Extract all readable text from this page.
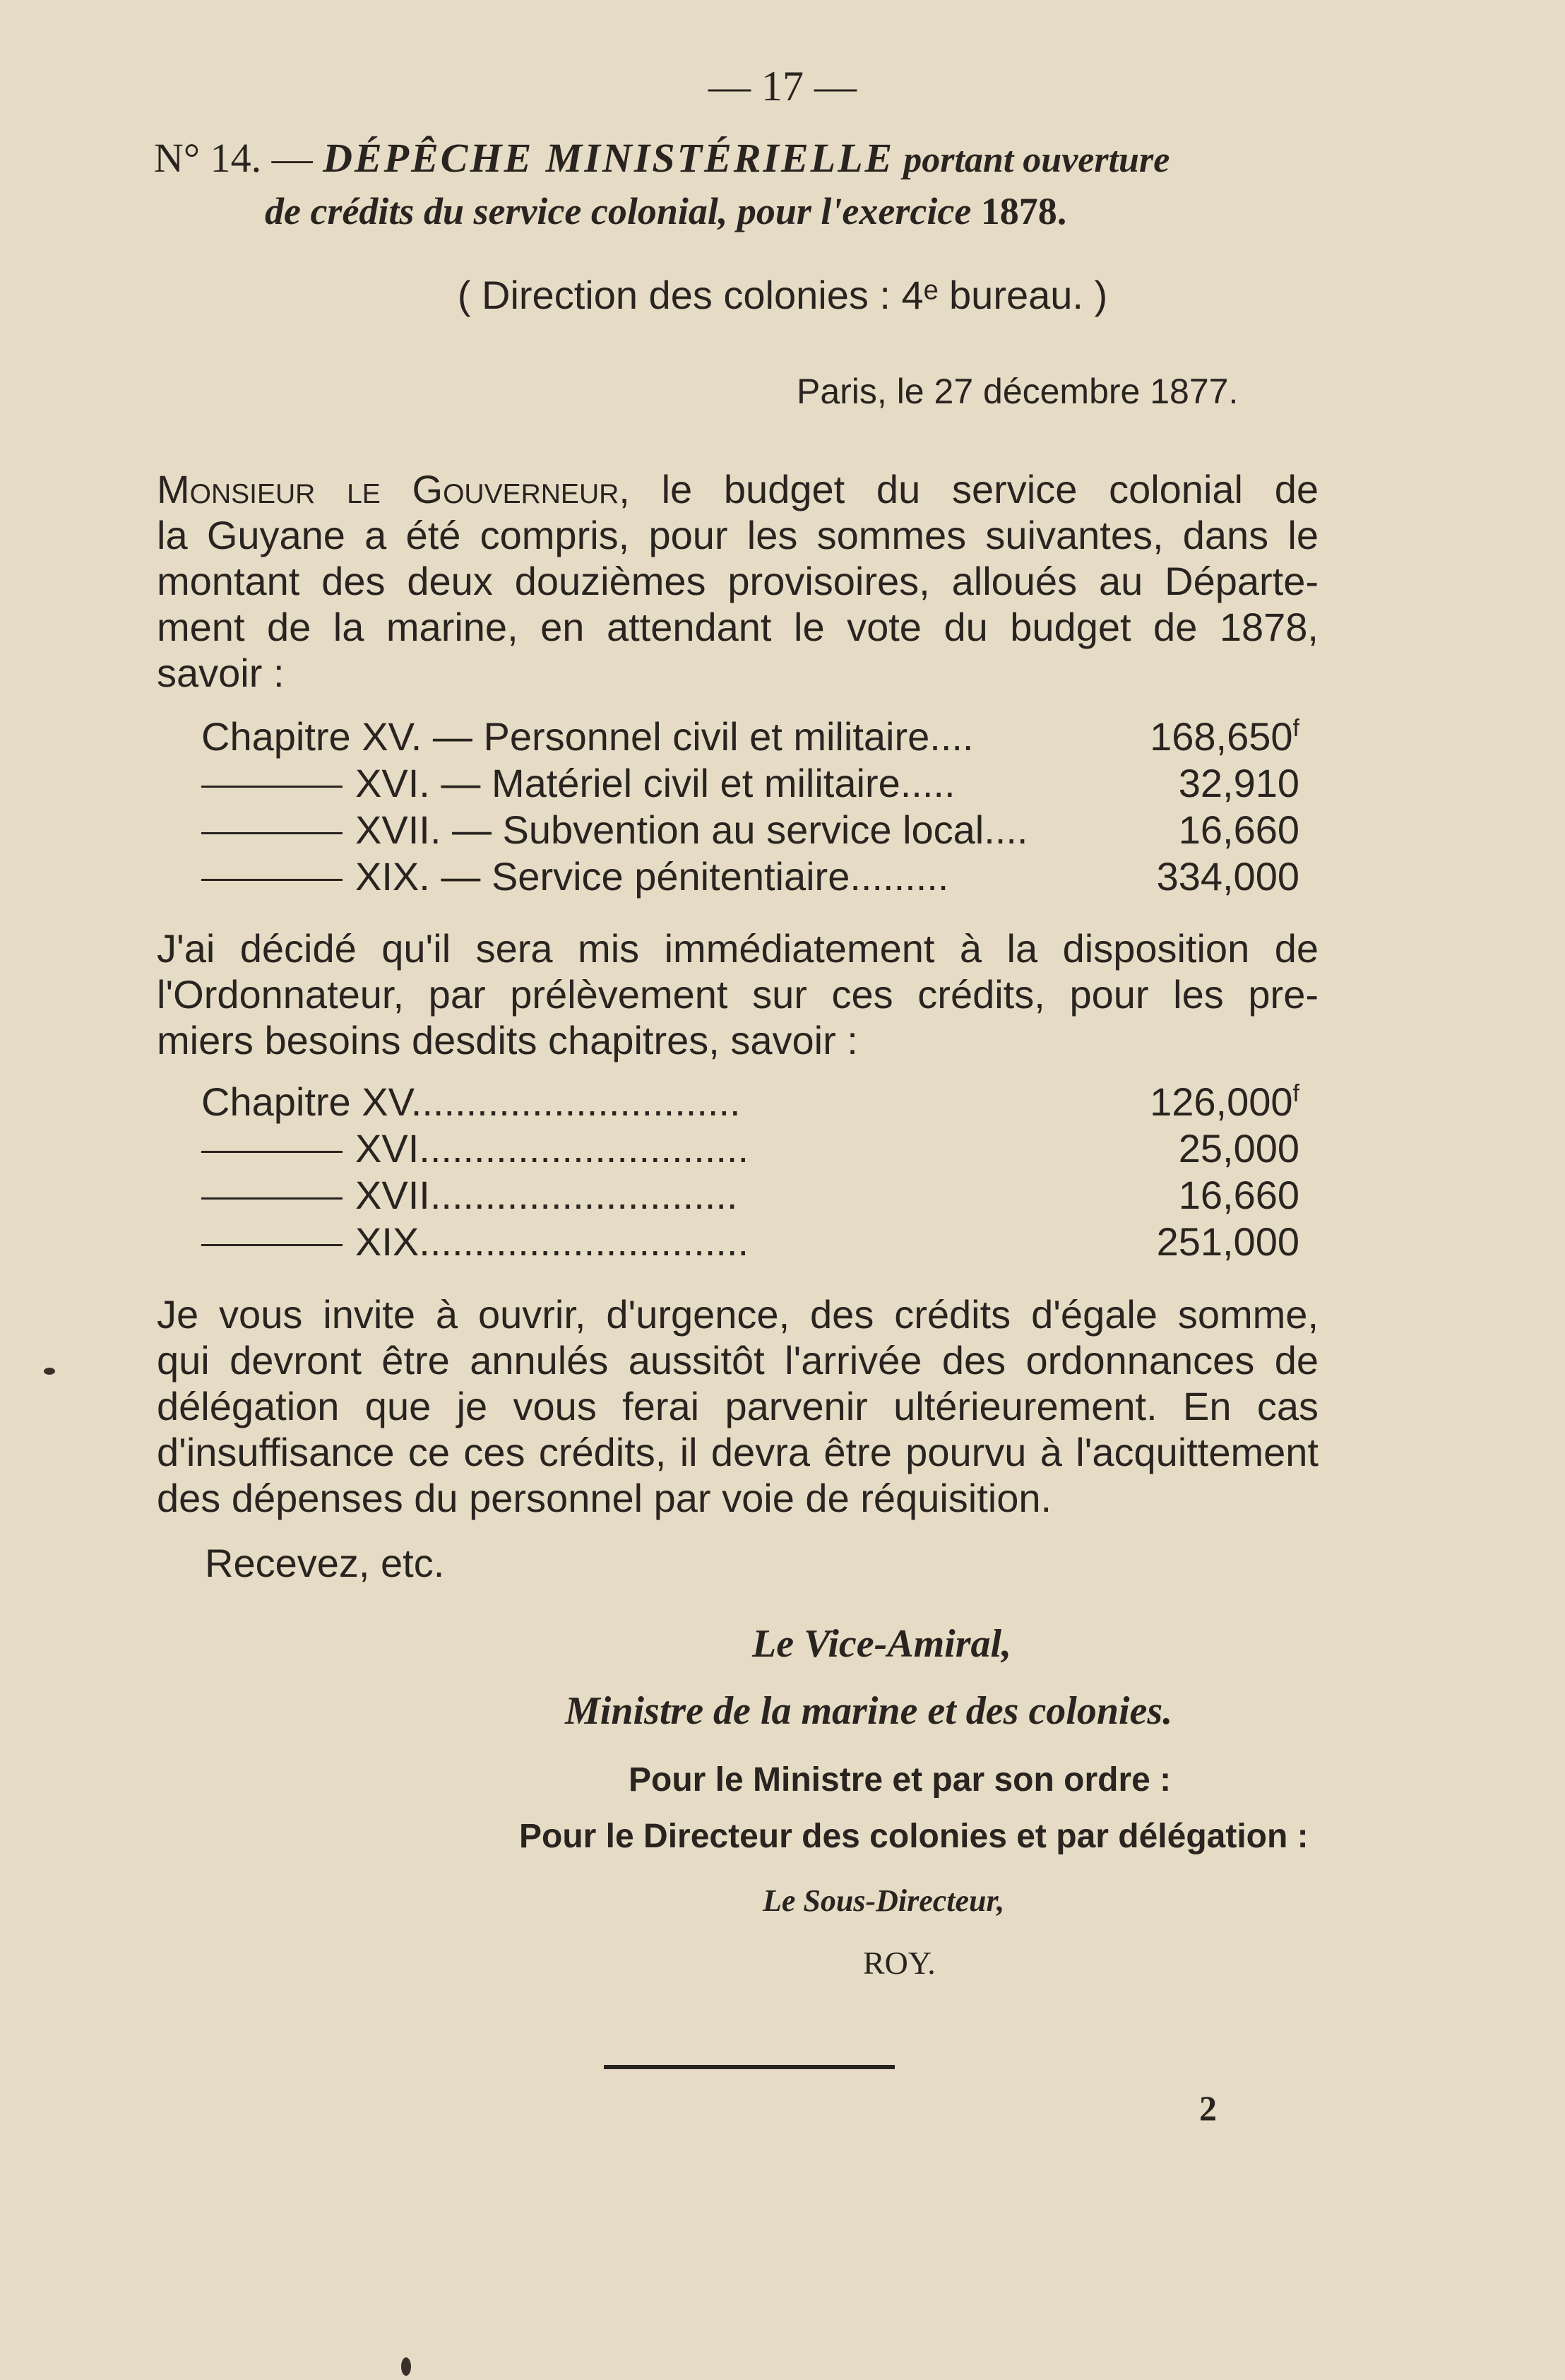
— 17 —
N° 14. — DÉPÊCHE MINISTÉRIELLE portant ouverture
de crédits du service colonial, pour l'exercice 1878.
( Direction des colonies : 4ᵉ bureau. )
Paris, le 27 décembre 1877.
Monsieur le Gouverneur, le budget du service colonial de
la Guyane a été compris, pour les sommes suivantes, dans le
montant des deux douzièmes provisoires, alloués au Départe-
ment de la marine, en attendant le vote du budget de 1878,
savoir :
Chapitre XV. — Personnel civil et militaire....	168,650$^f$
XVI. — Matériel civil et militaire.....	32,910
XVII. — Subvention au service local....	16,660
XIX. — Service pénitentiaire.........	334,000
J'ai décidé qu'il sera mis immédiatement à la disposition de
l'Ordonnateur, par prélèvement sur ces crédits, pour les pre-
miers besoins desdits chapitres, savoir :
Chapitre XV..............................	126,000$^f$
XVI..............................	25,000
XVII............................	16,660
XIX..............................	251,000
Je vous invite à ouvrir, d'urgence, des crédits d'égale somme,
qui devront être annulés aussitôt l'arrivée des ordonnances de
délégation que je vous ferai parvenir ultérieurement. En cas
d'insuffisance ce ces crédits, il devra être pourvu à l'acquittement
des dépenses du personnel par voie de réquisition.
Recevez, etc.
Le Vice-Amiral,
Ministre de la marine et des colonies.
Pour le Ministre et par son ordre :
Pour le Directeur des colonies et par délégation :
Le Sous-Directeur,
ROY.
2
